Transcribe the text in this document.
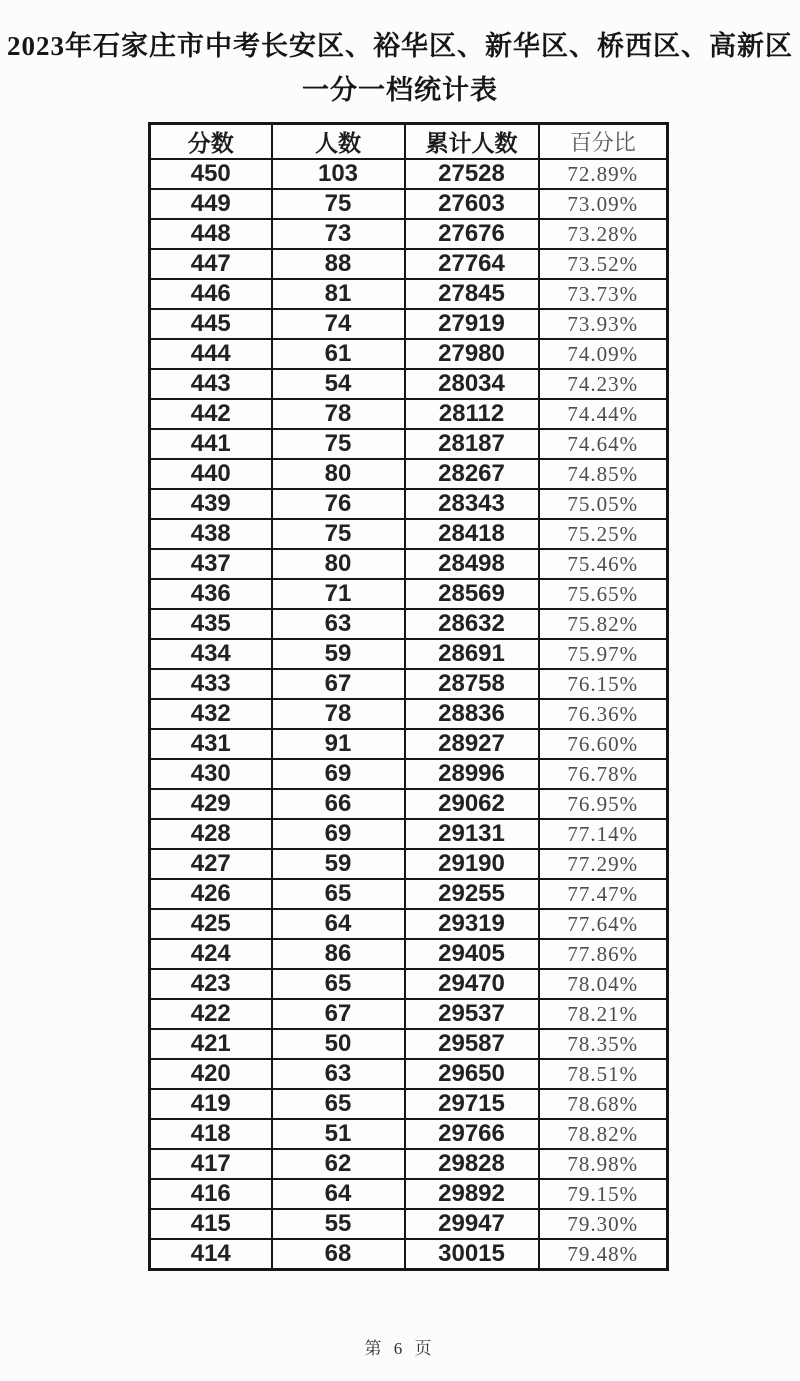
2023年石家庄市中考长安区、裕华区、新华区、桥西区、高新区
一分一档统计表
分数	人数	累计人数	百分比
450	103	27528	72.89%
449	75	27603	73.09%
448	73	27676	73.28%
447	88	27764	73.52%
446	81	27845	73.73%
445	74	27919	73.93%
444	61	27980	74.09%
443	54	28034	74.23%
442	78	28112	74.44%
441	75	28187	74.64%
440	80	28267	74.85%
439	76	28343	75.05%
438	75	28418	75.25%
437	80	28498	75.46%
436	71	28569	75.65%
435	63	28632	75.82%
434	59	28691	75.97%
433	67	28758	76.15%
432	78	28836	76.36%
431	91	28927	76.60%
430	69	28996	76.78%
429	66	29062	76.95%
428	69	29131	77.14%
427	59	29190	77.29%
426	65	29255	77.47%
425	64	29319	77.64%
424	86	29405	77.86%
423	65	29470	78.04%
422	67	29537	78.21%
421	50	29587	78.35%
420	63	29650	78.51%
419	65	29715	78.68%
418	51	29766	78.82%
417	62	29828	78.98%
416	64	29892	79.15%
415	55	29947	79.30%
414	68	30015	79.48%
第 6 页
